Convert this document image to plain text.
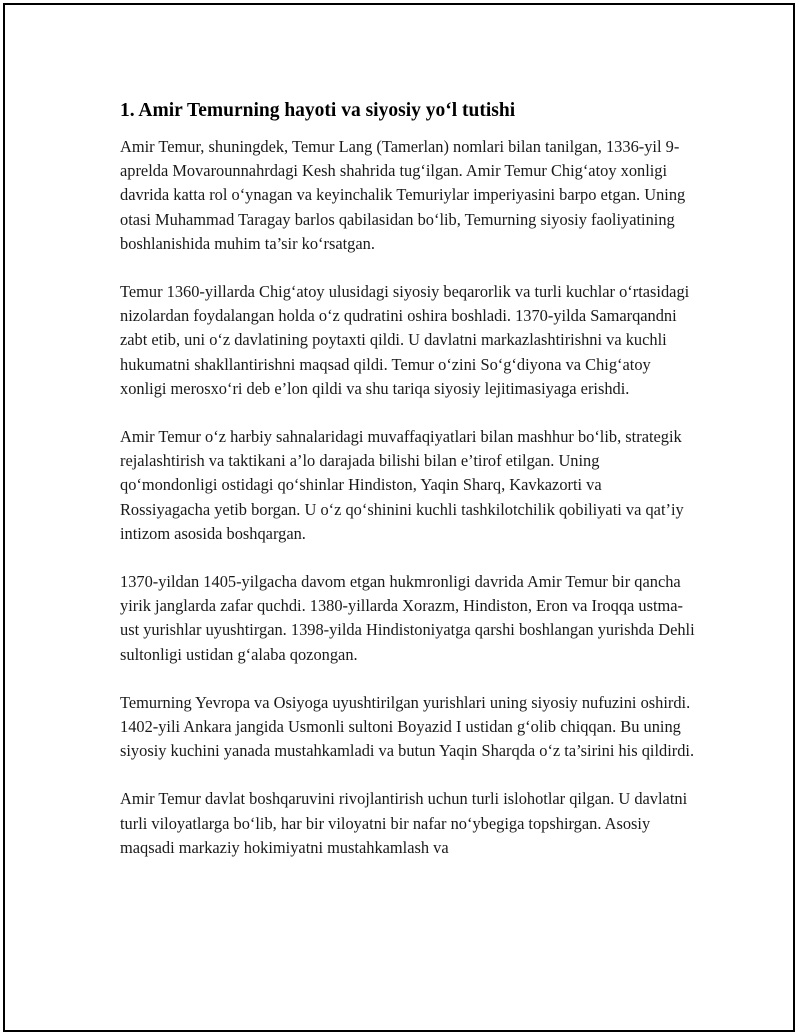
1. Amir Temurning hayoti va siyosiy yo‘l tutishi

Amir Temur, shuningdek, Temur Lang (Tamerlan) nomlari bilan tanilgan, 1336-yil 9-aprelda Movarounnahrdagi Kesh shahrida tug‘ilgan. Amir Temur Chig‘atoy xonligi davrida katta rol o‘ynagan va keyinchalik Temuriylar imperiyasini barpo etgan. Uning otasi Muhammad Taragay barlos qabilasidan bo‘lib, Temurning siyosiy faoliyatining boshlanishida muhim ta’sir ko‘rsatgan.

Temur 1360-yillarda Chig‘atoy ulusidagi siyosiy beqarorlik va turli kuchlar o‘rtasidagi nizolardan foydalangan holda o‘z qudratini oshira boshladi. 1370-yilda Samarqandni zabt etib, uni o‘z davlatining poytaxti qildi. U davlatni markazlashtirishni va kuchli hukumatni shakllantirishni maqsad qildi. Temur o‘zini So‘g‘diyona va Chig‘atoy xonligi merosxo‘ri deb e’lon qildi va shu tariqa siyosiy lejitimasiyaga erishdi.

Amir Temur o‘z harbiy sahnalaridagi muvaffaqiyatlari bilan mashhur bo‘lib, strategik rejalashtirish va taktikani a’lo darajada bilishi bilan e’tirof etilgan. Uning qo‘mondonligi ostidagi qo‘shinlar Hindiston, Yaqin Sharq, Kavkazorti va Rossiyagacha yetib borgan. U o‘z qo‘shinini kuchli tashkilotchilik qobiliyati va qat’iy intizom asosida boshqargan.

1370-yildan 1405-yilgacha davom etgan hukmronligi davrida Amir Temur bir qancha yirik janglarda zafar quchdi. 1380-yillarda Xorazm, Hindiston, Eron va Iroqqa ustma-ust yurishlar uyushtirgan. 1398-yilda Hindistoniyatga qarshi boshlangan yurishda Dehli sultonligi ustidan g‘alaba qozongan.

Temurning Yevropa va Osiyoga uyushtirilgan yurishlari uning siyosiy nufuzini oshirdi. 1402-yili Ankara jangida Usmonli sultoni Boyazid I ustidan g‘olib chiqqan. Bu uning siyosiy kuchini yanada mustahkamladi va butun Yaqin Sharqda o‘z ta’sirini his qildirdi.

Amir Temur davlat boshqaruvini rivojlantirish uchun turli islohotlar qilgan. U davlatni turli viloyatlarga bo‘lib, har bir viloyatni bir nafar no‘ybegiga topshirgan. Asosiy maqsadi markaziy hokimiyatni mustahkamlash va
